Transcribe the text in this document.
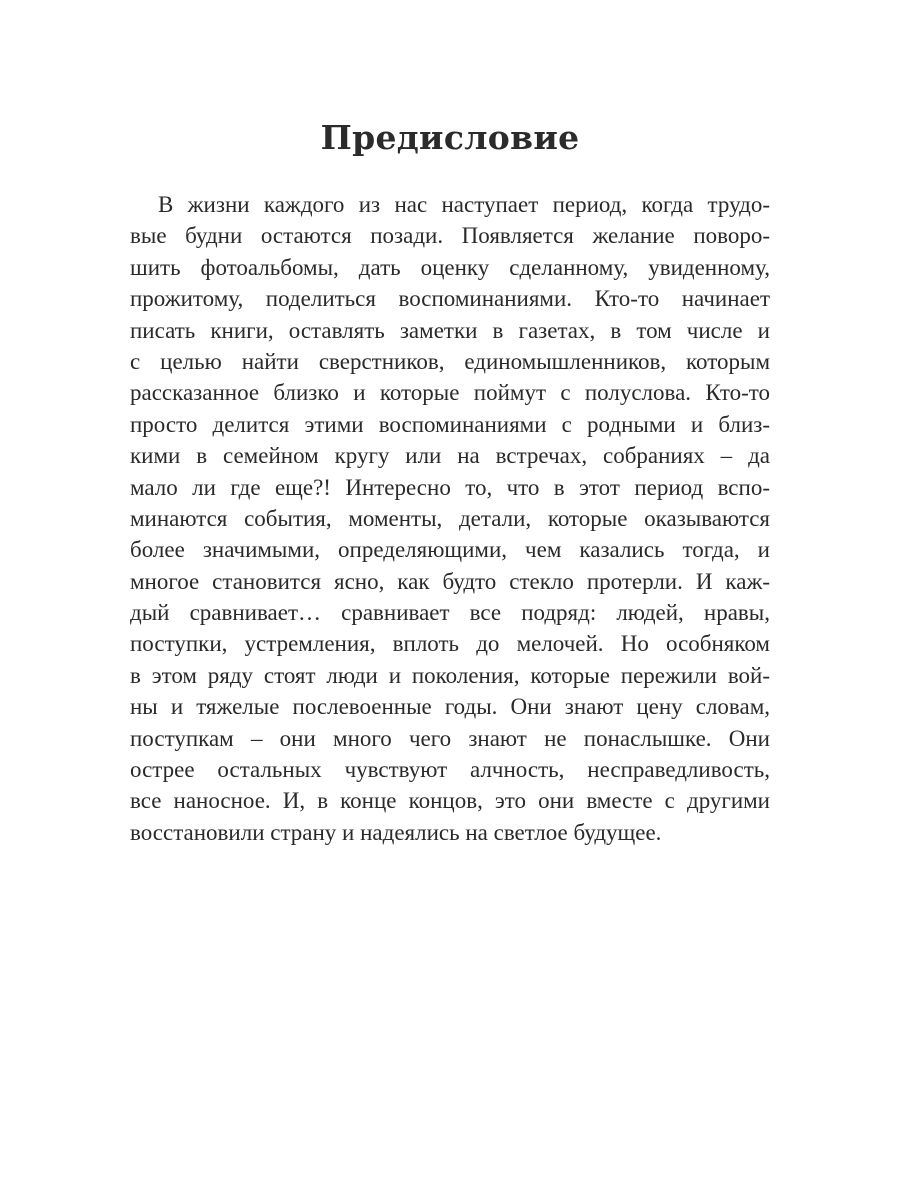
Предисловие
В жизни каждого из нас наступает период, когда трудо-
вые будни остаются позади. Появляется желание поворо-
шить фотоальбомы, дать оценку сделанному, увиденному,
прожитому, поделиться воспоминаниями. Кто-то начинает
писать книги, оставлять заметки в газетах, в том числе и
с целью найти сверстников, единомышленников, которым
рассказанное близко и которые поймут с полуслова. Кто-то
просто делится этими воспоминаниями с родными и близ-
кими в семейном кругу или на встречах, собраниях – да
мало ли где еще?! Интересно то, что в этот период вспо-
минаются события, моменты, детали, которые оказываются
более значимыми, определяющими, чем казались тогда, и
многое становится ясно, как будто стекло протерли. И каж-
дый сравнивает… сравнивает все подряд: людей, нравы,
поступки, устремления, вплоть до мелочей. Но особняком
в этом ряду стоят люди и поколения, которые пережили вой-
ны и тяжелые послевоенные годы. Они знают цену словам,
поступкам – они много чего знают не понаслышке. Они
острее остальных чувствуют алчность, несправедливость,
все наносное. И, в конце концов, это они вместе с другими
восстановили страну и надеялись на светлое будущее.
